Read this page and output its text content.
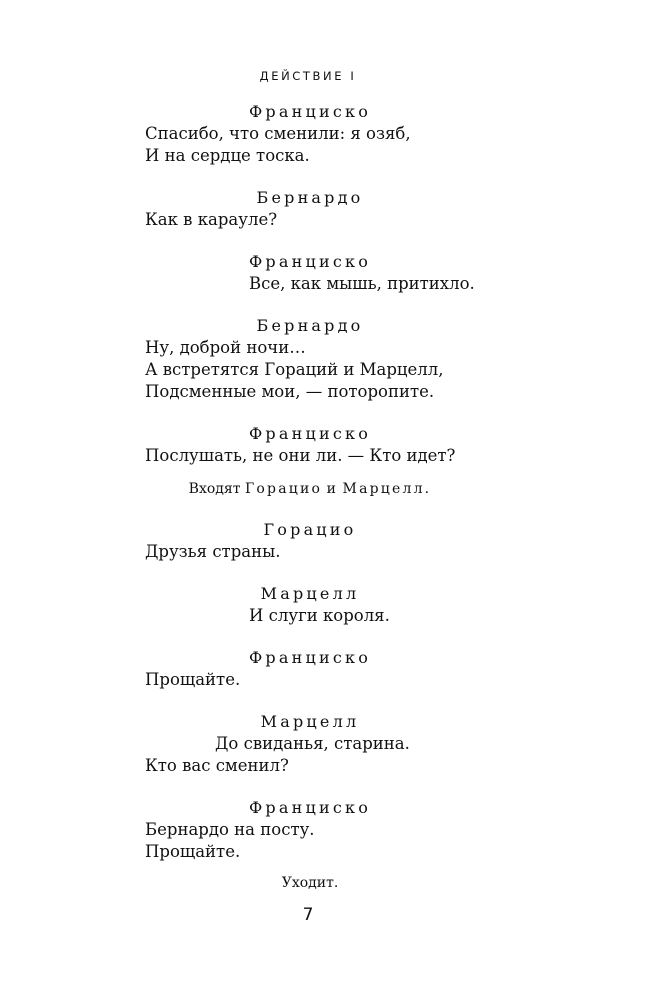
ДЕЙСТВИЕ I
Франциско
Спасибо, что сменили: я озяб,
И на сердце тоска.
Бернардо
Как в карауле?
Франциско
Все, как мышь, притихло.
Бернардо
Ну, доброй ночи…
А встретятся Гораций и Марцелл,
Подсменные мои, — поторопите.
Франциско
Послушать, не они ли. — Кто идет?
Входят Горацио и Марцелл.
Горацио
Друзья страны.
Марцелл
И слуги короля.
Франциско
Прощайте.
Марцелл
До свиданья, старина.
Кто вас сменил?
Франциско
Бернардо на посту.
Прощайте.
Уходит.
7
